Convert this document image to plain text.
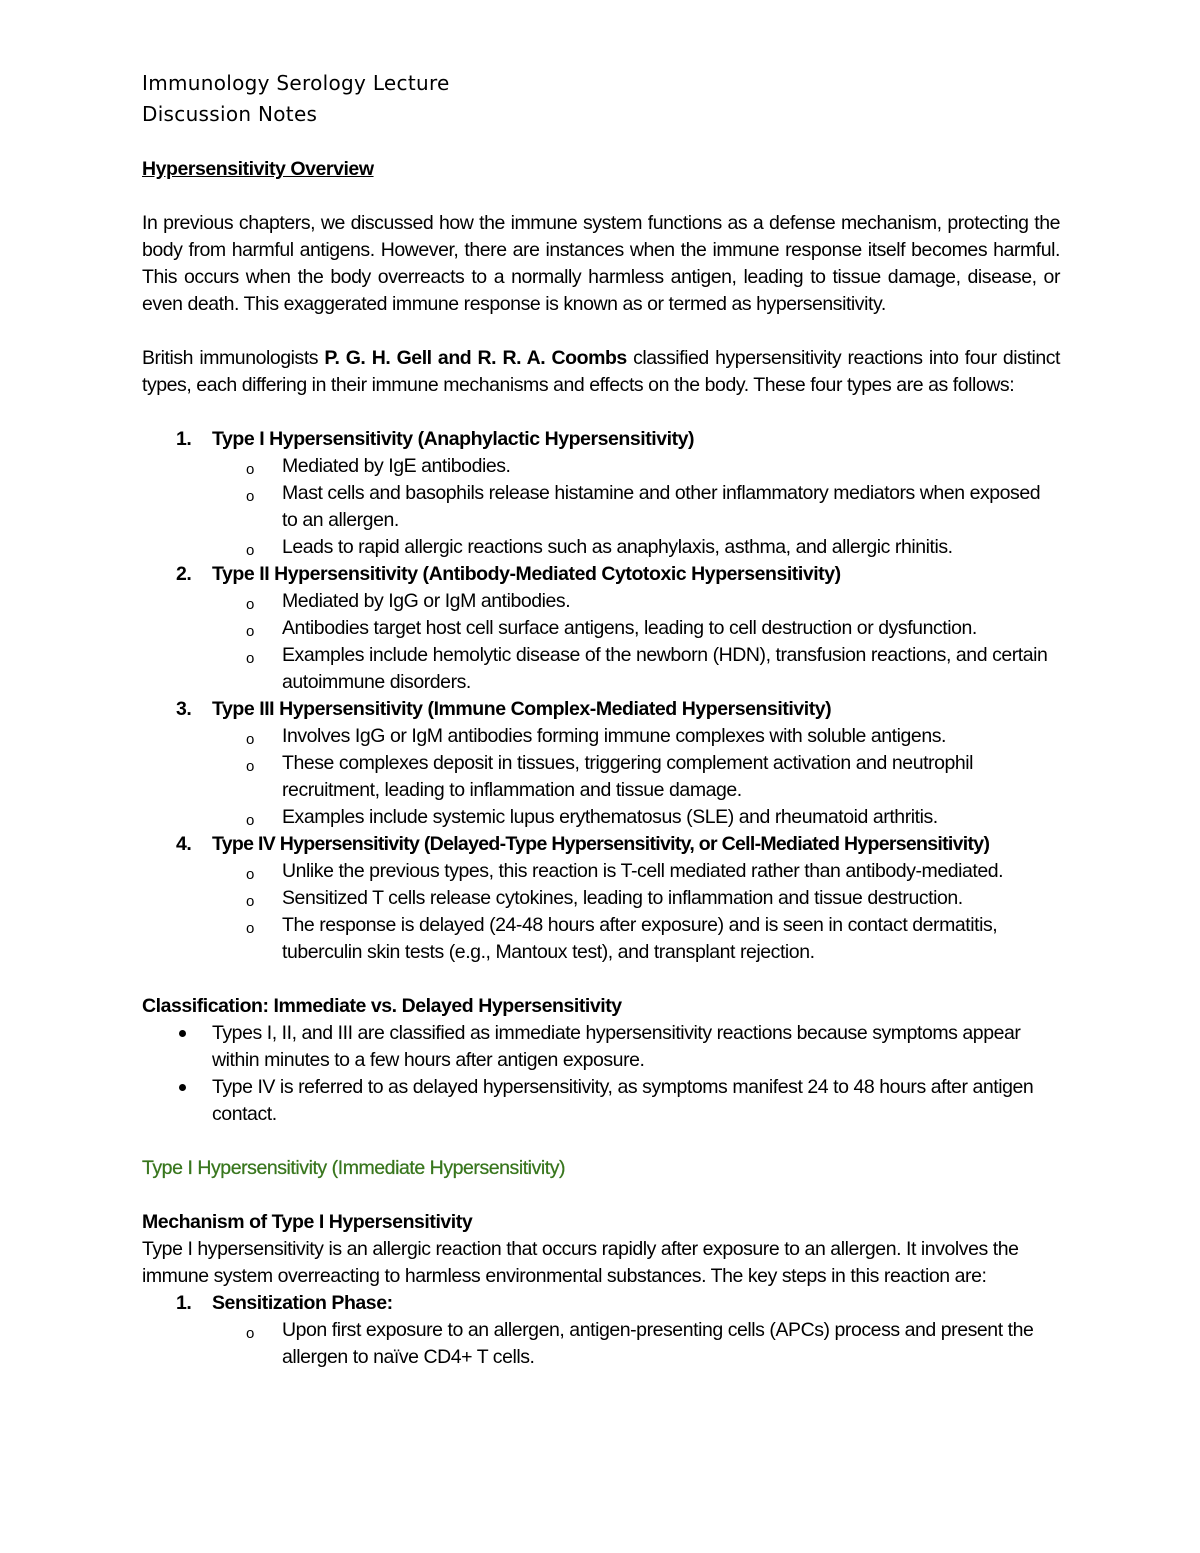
Immunology Serology Lecture

Discussion Notes

Hypersensitivity Overview

In previous chapters, we discussed how the immune system functions as a defense mechanism, protecting the body from harmful antigens. However, there are instances when the immune response itself becomes harmful. This occurs when the body overreacts to a normally harmless antigen, leading to tissue damage, disease, or even death. This exaggerated immune response is known as or termed as hypersensitivity.

British immunologists P. G. H. Gell and R. R. A. Coombs classified hypersensitivity reactions into four distinct types, each differing in their immune mechanisms and effects on the body. These four types are as follows:

1. Type I Hypersensitivity (Anaphylactic Hypersensitivity)
o Mediated by IgE antibodies.
o Mast cells and basophils release histamine and other inflammatory mediators when exposed to an allergen.
o Leads to rapid allergic reactions such as anaphylaxis, asthma, and allergic rhinitis.
2. Type II Hypersensitivity (Antibody-Mediated Cytotoxic Hypersensitivity)
o Mediated by IgG or IgM antibodies.
o Antibodies target host cell surface antigens, leading to cell destruction or dysfunction.
o Examples include hemolytic disease of the newborn (HDN), transfusion reactions, and certain autoimmune disorders.
3. Type III Hypersensitivity (Immune Complex-Mediated Hypersensitivity)
o Involves IgG or IgM antibodies forming immune complexes with soluble antigens.
o These complexes deposit in tissues, triggering complement activation and neutrophil recruitment, leading to inflammation and tissue damage.
o Examples include systemic lupus erythematosus (SLE) and rheumatoid arthritis.
4. Type IV Hypersensitivity (Delayed-Type Hypersensitivity, or Cell-Mediated Hypersensitivity)
o Unlike the previous types, this reaction is T-cell mediated rather than antibody-mediated.
o Sensitized T cells release cytokines, leading to inflammation and tissue destruction.
o The response is delayed (24-48 hours after exposure) and is seen in contact dermatitis, tuberculin skin tests (e.g., Mantoux test), and transplant rejection.

Classification: Immediate vs. Delayed Hypersensitivity

Types I, II, and III are classified as immediate hypersensitivity reactions because symptoms appear within minutes to a few hours after antigen exposure.
Type IV is referred to as delayed hypersensitivity, as symptoms manifest 24 to 48 hours after antigen contact.

Type I Hypersensitivity (Immediate Hypersensitivity)

Mechanism of Type I Hypersensitivity

Type I hypersensitivity is an allergic reaction that occurs rapidly after exposure to an allergen. It involves the immune system overreacting to harmless environmental substances. The key steps in this reaction are:

1. Sensitization Phase:
o Upon first exposure to an allergen, antigen-presenting cells (APCs) process and present the allergen to naïve CD4+ T cells.
